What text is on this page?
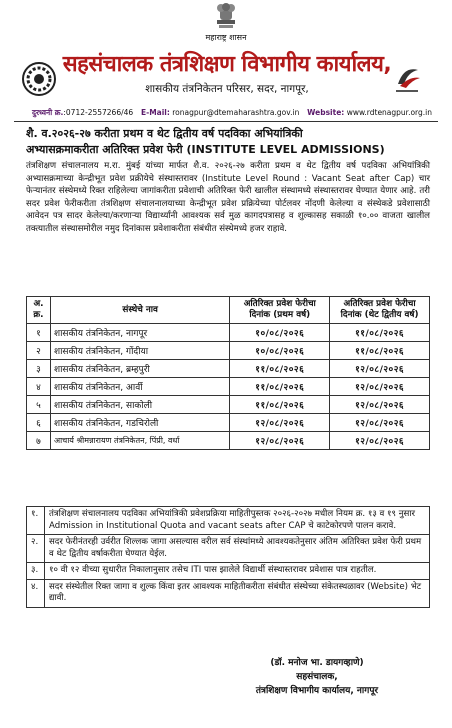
महाराष्ट्र शासन
सहसंचालक तंत्रशिक्षण विभागीय कार्यालय,
शासकीय तंत्रनिकेतन परिसर, सदर, नागपूर,
दुरध्वनी क्र.:0712-2557266/46 E-Mail: ronagpur@dtemaharashtra.gov.in Website: www.rdtenagpur.org.in
शै. व.२०२६-२७ करीता प्रथम व थेट द्वितीय वर्ष पदविका अभियांत्रिकी
अभ्यासक्रमाकरीता अतिरिक्त प्रवेश फेरी (INSTITUTE LEVEL ADMISSIONS)
तंत्रशिक्षण संचालनालय म.रा. मुंबई यांच्या मार्फत शै.व. २०२६-२७ करीता प्रथम व थेट द्वितीय वर्ष पदविका अभियांत्रिकी अभ्यासक्रमाच्या केन्द्रीभूत प्रवेश प्रक्रीयेचे संस्थास्तरावर (Institute Level Round : Vacant Seat after Cap) चार फेऱ्यानंतर संस्थेमध्ये रिक्त राहिलेल्या जागांकरीता प्रवेशाची अतिरिक्त फेरी खालील संस्थामध्ये संस्थास्तरावर घेण्यात येणार आहे. तरी सदर प्रवेश फेरीकरीता तंत्रशिक्षण संचालनालयाच्या केन्द्रीभूत प्रवेश प्रक्रियेच्या पोर्टलवर नोंदणी केलेल्या व संस्थेकडे प्रवेशासाठी आवेदन पत्र सादर केलेल्या/करणाऱ्या विद्यार्थ्यांनी आवश्यक सर्व मुळ कागदपत्रासह व शुल्कासह सकाळी १०.०० वाजता खालील तक्त्यातील संस्थासमोरील नमुद दिनांकास प्रवेशाकरीता संबंधीत संस्थेमध्ये हजर राहावे.
अ. क्र.	संस्थेचे नाव	अतिरिक्त प्रवेश फेरीचा दिनांक (प्रथम वर्ष)	अतिरिक्त प्रवेश फेरीचा दिनांक (थेट द्वितीय वर्ष)
१	शासकीय तंत्रनिकेतन, नागपूर	१०/०८/२०२६	११/०८/२०२६
२	शासकीय तंत्रनिकेतन, गोंदीया	१०/०८/२०२६	११/०८/२०२६
३	शासकीय तंत्रनिकेतन, ब्रम्हपुरी	११/०८/२०२६	१२/०८/२०२६
४	शासकीय तंत्रनिकेतन, आर्वी	११/०८/२०२६	१२/०८/२०२६
५	शासकीय तंत्रनिकेतन, साकोली	११/०८/२०२६	१२/०८/२०२६
६	शासकीय तंत्रनिकेतन, गडचिरोली	१२/०८/२०२६	१२/०८/२०२६
७	आचार्य श्रीमन्नारायण तंत्रनिकेतन, पिंप्री, वर्धा	१२/०८/२०२६	१२/०८/२०२६
१.	तंत्रशिक्षण संचालनालय पदविका अभियांत्रिकी प्रवेशप्रक्रिया माहितीपुस्तक २०२६-२०२७ मधील नियम क्र. १३ व १९ नुसार Admission in Institutional Quota and vacant seats after CAP चे काटेकोरपणे पालन करावे.
२.	सदर फेरीनंतरही उर्वरीत शिल्लक जागा असल्यास वरील सर्व संस्थांमध्ये आवश्यकतेनुसार अंतिम अतिरिक्त प्रवेश फेरी प्रथम व थेट द्वितीय वर्षाकरीता घेण्यात येईल.
३.	१० वी १२ वीच्या सुधारीत निकालानुसार तसेच ITI पास झालेले विद्यार्थी संस्थास्तरावर प्रवेशास पात्र राहतील.
४.	सदर संस्थेतील रिक्त जागा व शुल्क किंवा इतर आवश्यक माहितीकरीता संबंधीत संस्थेच्या संकेतस्थळावर (Website) भेट द्यावी.
(डॉ. मनोज भा. डायगव्हाणे)
सहसंचालक,
तंत्रशिक्षण विभागीय कार्यालय, नागपूर
